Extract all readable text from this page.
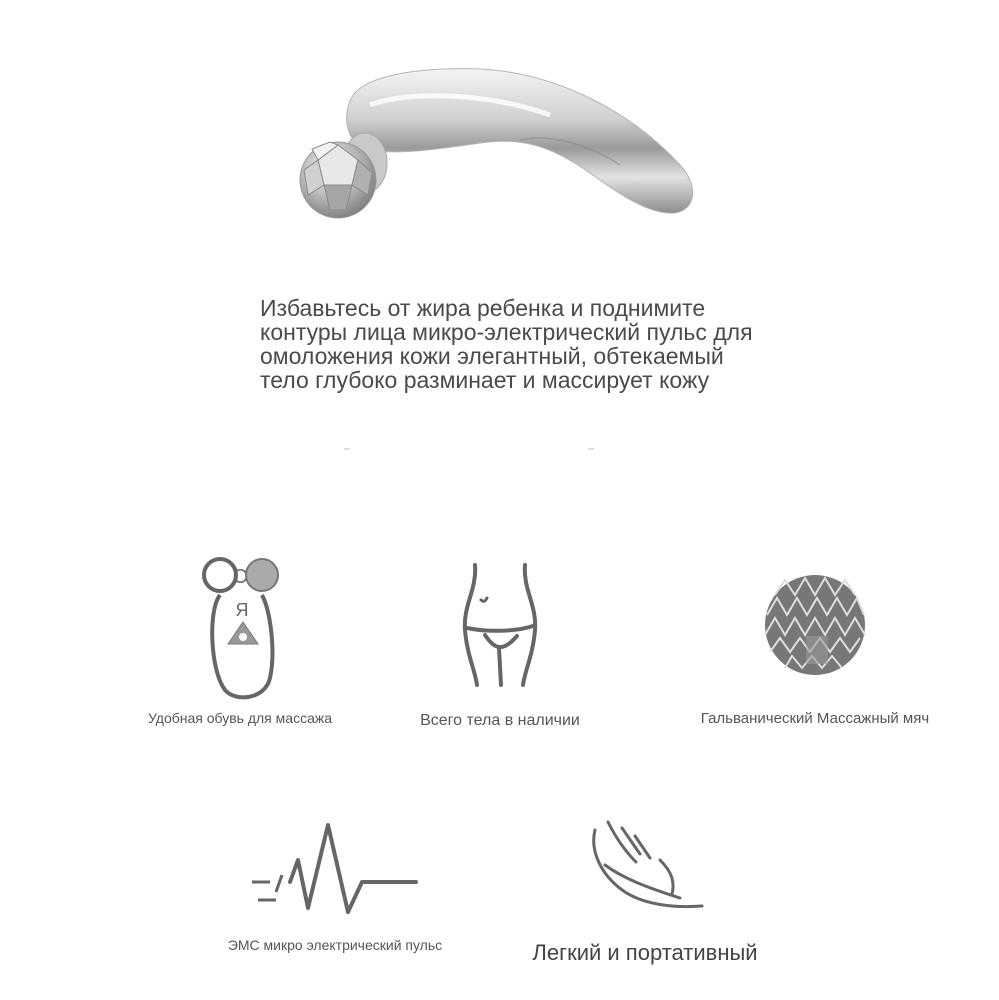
Избавьтесь от жира ребенка и поднимите
контуры лица микро-электрический пульс для
омоложения кожи элегантный, обтекаемый
тело глубоко разминает и массирует кожу
C
Я
Удобная обувь для массажа	Всего тела в наличии	Гальванический Массажный мяч
ЭМС микро электрический пульс	Легкий и портативный
